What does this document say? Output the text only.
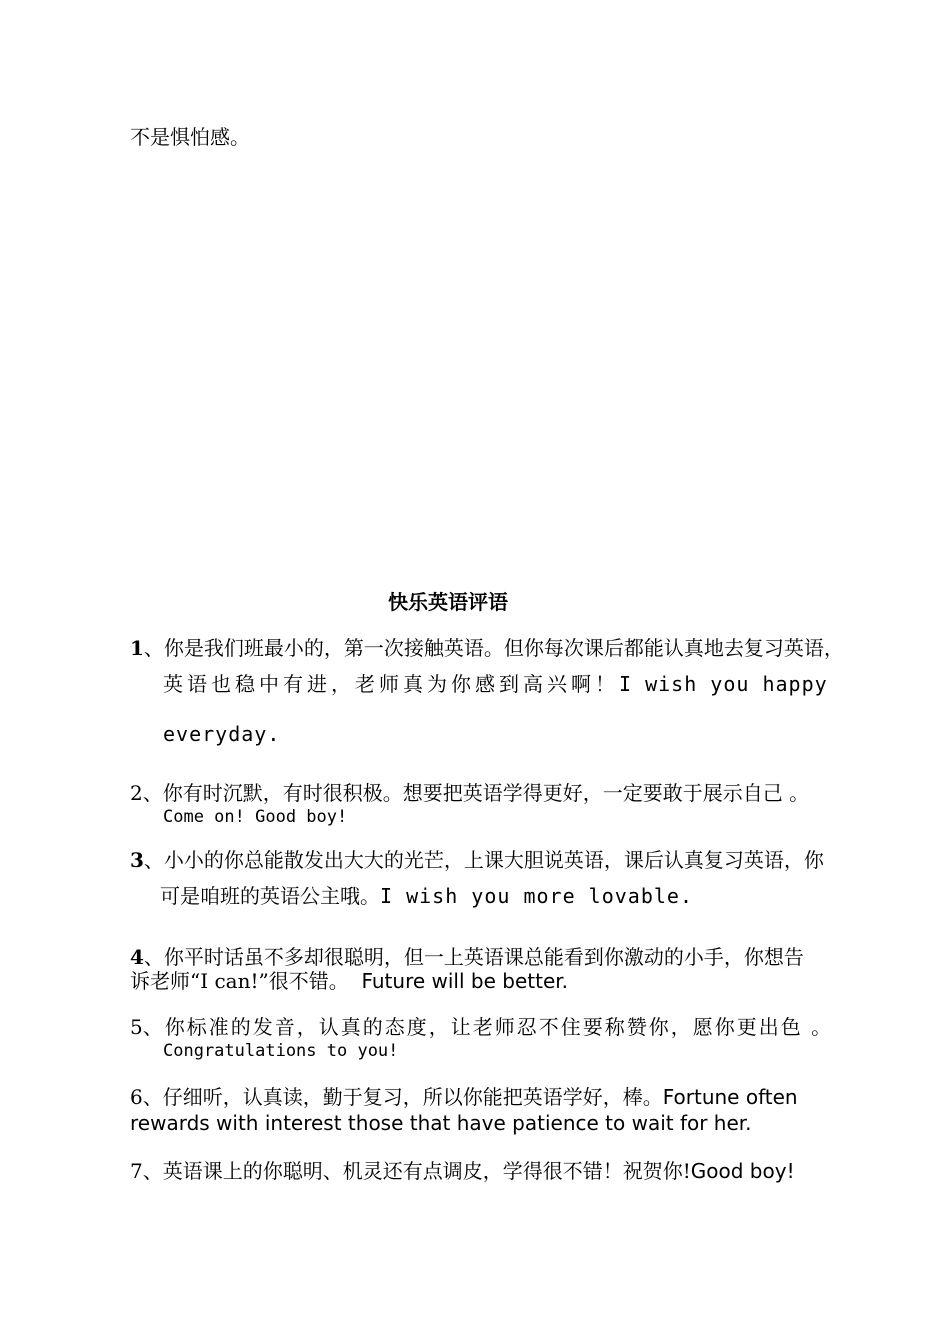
不是惧怕感。
快乐英语评语
1、你是我们班最小的，第一次接触英语。但你每次课后都能认真地去复习英语，
英语也稳中有进，老师真为你感到高兴啊！I wish you happy
everyday.
2、你有时沉默，有时很积极。想要把英语学得更好，一定要敢于展示自己 。
Come on! Good boy!
3、小小的你总能散发出大大的光芒，上课大胆说英语，课后认真复习英语，你
可是咱班的英语公主哦。I wish you more lovable.
4、你平时话虽不多却很聪明，但一上英语课总能看到你激动的小手，你想告
诉老师“I can!”很不错。 Future will be better.
5、你标准的发音，认真的态度，让老师忍不住要称赞你，愿你更出色 。
Congratulations to you!
6、仔细听，认真读，勤于复习，所以你能把英语学好，棒。Fortune often
rewards with interest those that have patience to wait for her.
7、英语课上的你聪明、机灵还有点调皮，学得很不错！祝贺你!Good boy!
